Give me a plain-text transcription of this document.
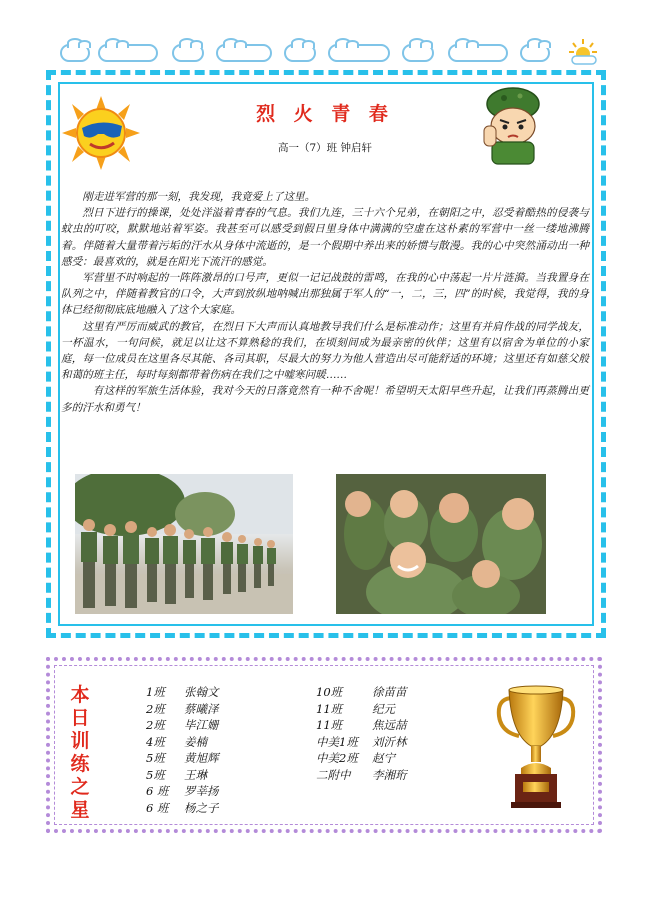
烈 火 青 春
高一（7）班 钟启轩

刚走进军营的那一刻，我发现，我竟爱上了这里。

烈日下进行的操课，处处洋溢着青春的气息。我们九连，三十六个兄弟，在朝阳之中，忍受着酷热的侵袭与蚊虫的叮咬，默默地站着军姿。我甚至可以感受到假日里身体中满满的空虚在这朴素的军营中一丝一缕地沸腾着。伴随着大量带着污垢的汗水从身体中流逝的，是一个假期中养出来的娇惯与散漫。我的心中突然涌动出一种感受：最喜欢的，就是在阳光下流汗的感觉。

军营里不时响起的一阵阵激昂的口号声，更似一记记战鼓的雷鸣，在我的心中荡起一片片涟漪。当我置身在队列之中，伴随着教官的口令，大声到放纵地呐喊出那独属于军人的“一，二，三，四”的时候，我觉得，我的身体已经彻彻底底地融入了这个大家庭。

这里有严厉而威武的教官，在烈日下大声而认真地教导我们什么是标准动作；这里有并肩作战的同学战友，一杯温水，一句问候，就足以让这不算熟稔的我们，在顷刻间成为最亲密的伙伴；这里有以宿舍为单位的小家庭，每一位成员在这里各尽其能、各司其职，尽最大的努力为他人营造出尽可能舒适的环境；这里还有如慈父般和蔼的班主任，每时每刻都带着伤病在我们之中嘘寒问暖……

有这样的军旅生活体验，我对今天的日落竟然有一种不舍呢！希望明天太阳早些升起，让我们再蒸腾出更多的汗水和勇气！

本
日
训
练
之
星
1班	张翰文
2班	蔡曦泽
2班	毕江姗
4班	姜楠
5班	黄旭辉
5班	王琳
6 班	罗莘扬
6 班	杨之子
10班	徐苗苗
11班	纪元
11班	焦远喆
中美1班	刘沂林
中美2班	赵宁
二附中	李湘珩
